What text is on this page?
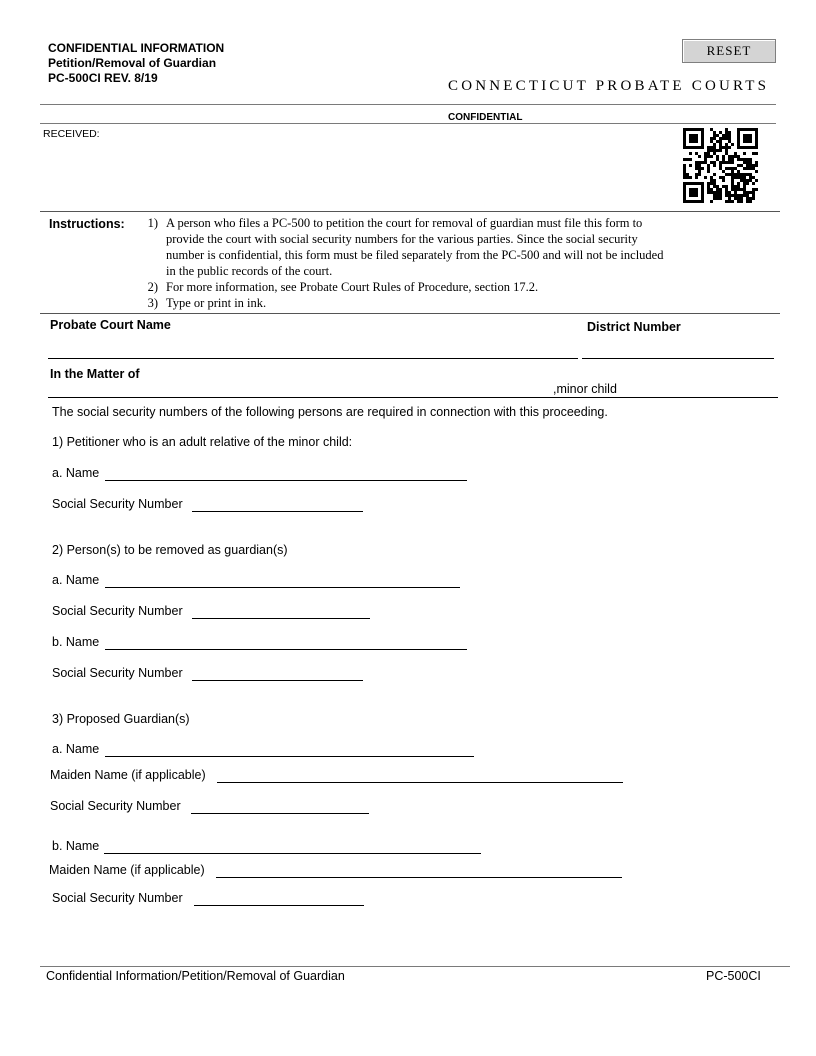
CONFIDENTIAL INFORMATION
Petition/Removal of Guardian
PC-500CI REV. 8/19
RESET
CONNECTICUT PROBATE COURTS
CONFIDENTIAL
RECEIVED:
Instructions:	1) A person who files a PC-500 to petition the court for removal of guardian must file this form to
provide the court with social security numbers for the various parties. Since the social security
number is confidential, this form must be filed separately from the PC-500 and will not be included
in the public records of the court.
2) For more information, see Probate Court Rules of Procedure, section 17.2.
3) Type or print in ink.
Probate Court Name	District Number
In the Matter of
,minor child
The social security numbers of the following persons are required in connection with this proceeding.
1) Petitioner who is an adult relative of the minor child:
a. Name
Social Security Number
2) Person(s) to be removed as guardian(s)
a. Name
Social Security Number
b. Name
Social Security Number
3) Proposed Guardian(s)
a. Name
Maiden Name (if applicable)
Social Security Number
b. Name
Maiden Name (if applicable)
Social Security Number
Confidential Information/Petition/Removal of Guardian	PC-500CI
